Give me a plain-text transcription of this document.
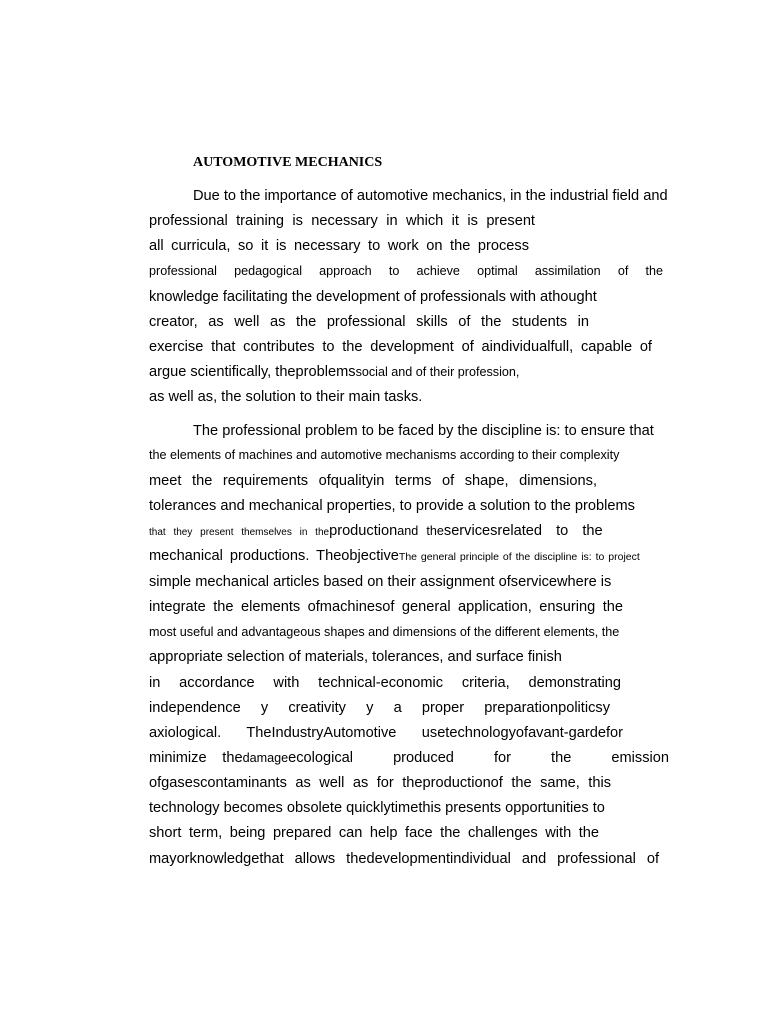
AUTOMOTIVE MECHANICS
Due to the importance of automotive mechanics, in the industrial field and
professional training is necessary in which it is present
all curricula, so it is necessary to work on the process
professional pedagogical approach to achieve optimal assimilation of the
knowledge facilitating the development of professionals with athought
creator, as well as the professional skills of the students in
exercise that contributes to the development of aindividualfull, capable of
argue scientifically, theproblemssocial and of their profession,
as well as, the solution to their main tasks.
The professional problem to be faced by the discipline is: to ensure that
the elements of machines and automotive mechanisms according to their complexity
meet the requirements ofqualityin terms of shape, dimensions,
tolerances and mechanical properties, to provide a solution to the problems
that they present themselves in theproductionand theservicesrelated to the
mechanical productions. TheobjectiveThe general principle of the discipline is: to project
simple mechanical articles based on their assignment ofservicewhere is
integrate the elements ofmachinesof general application, ensuring the
most useful and advantageous shapes and dimensions of the different elements, the
appropriate selection of materials, tolerances, and surface finish
in accordance with technical-economic criteria, demonstrating
independence y creativity y a proper preparationpoliticsy
axiological. TheIndustryAutomotive usetechnologyofavant-gardefor
minimize thedamageecological produced for the emission
ofgasescontaminants as well as for theproductionof the same, this
technology becomes obsolete quicklytimethis presents opportunities to
short term, being prepared can help face the challenges with the
mayorknowledgethat allows thedevelopmentindividual and professional of
